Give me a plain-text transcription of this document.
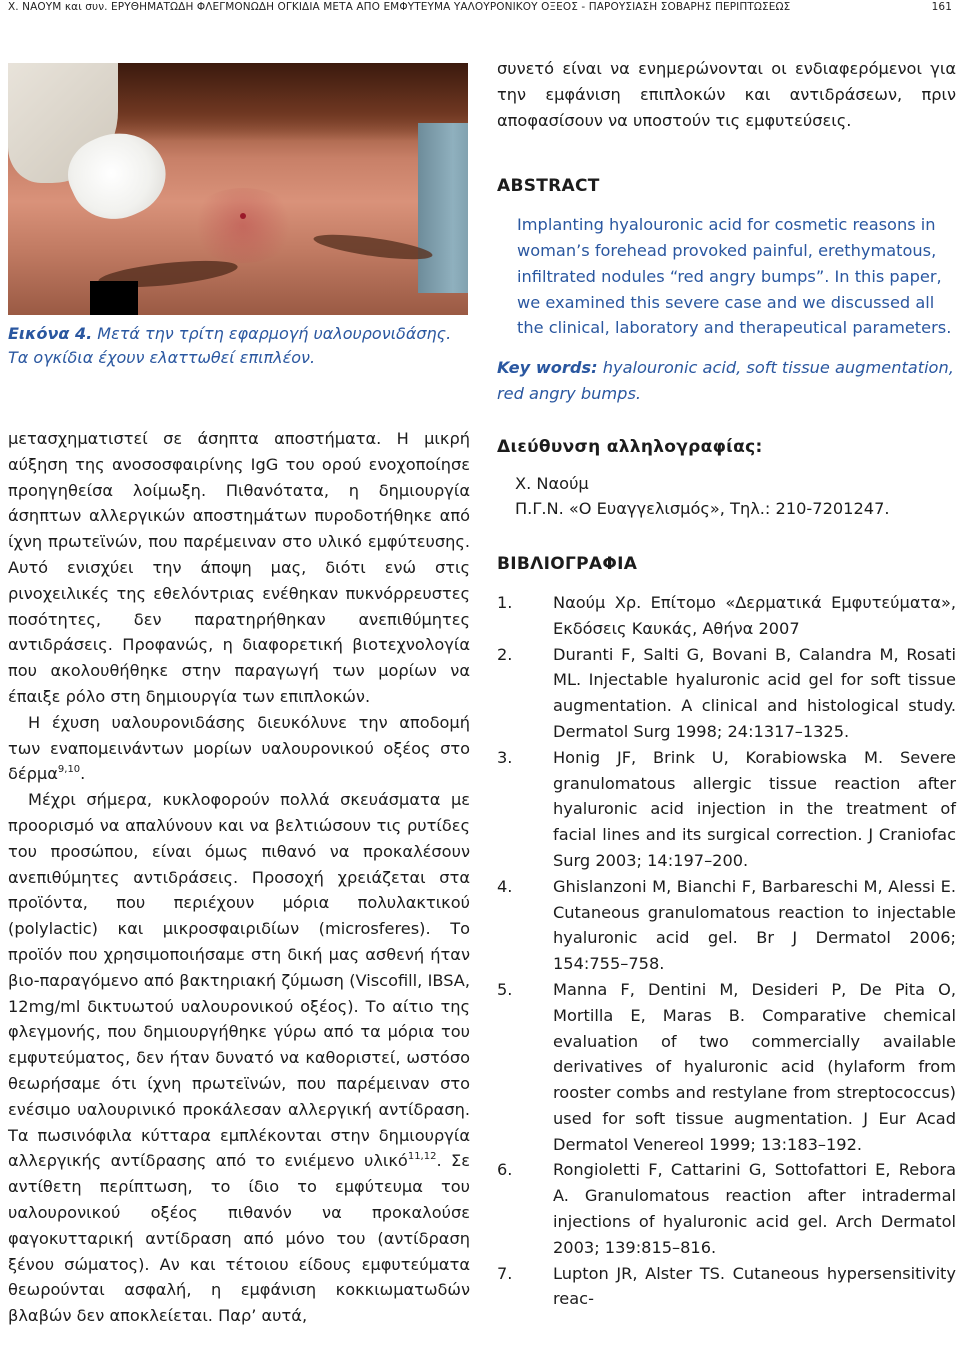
Χ. ΝΑΟΥΜ και συν. ΕΡΥΘΗΜΑΤΩΔΗ ΦΛΕΓΜΟΝΩΔΗ ΟΓΚΙΔΙΑ ΜΕΤΑ ΑΠΟ ΕΜΦΥΤΕΥΜΑ ΥΑΛΟΥΡΟΝΙΚΟΥ ΟΞΕΟΣ - ΠΑΡΟΥΣΙΑΣΗ ΣΟΒΑΡΗΣ ΠΕΡΙΠΤΩΣΕΩΣ	161
Εικόνα 4. Μετά την τρίτη εφαρμογή υαλουρονιδάσης.
Τα ογκίδια έχουν ελαττωθεί επιπλέον.

μετασχηματιστεί σε άσηπτα αποστήματα. Η μικρή αύξηση της ανοσοσφαιρίνης IgG του ορού ενοχοποίησε προηγηθείσα λοίμωξη. Πιθανότατα, η δημιουργία άσηπτων αλλεργικών αποστημάτων πυροδοτήθηκε από ίχνη πρωτεϊνών, που παρέμειναν στο υλικό εμφύτευσης. Αυτό ενισχύει την άποψη μας, διότι ενώ στις ρινοχειλικές της εθελόντριας ενέθηκαν πυκνόρρευστες ποσότητες, δεν παρατηρήθηκαν ανεπιθύμητες αντιδράσεις. Προφανώς, η διαφορετική βιοτεχνολογία που ακολουθήθηκε στην παραγωγή των μορίων να έπαιξε ρόλο στη δημιουργία των επιπλοκών.

Η έχυση υαλουρονιδάσης διευκόλυνε την αποδομή των εναπομεινάντων μορίων υαλουρονικού οξέος στο δέρμα$^{9,10}$.

Μέχρι σήμερα, κυκλοφορούν πολλά σκευάσματα με προορισμό να απαλύνουν και να βελτιώσουν τις ρυτίδες του προσώπου, είναι όμως πιθανό να προκαλέσουν ανεπιθύμητες αντιδράσεις. Προσοχή χρειάζεται στα προϊόντα, που περιέχουν μόρια πολυλακτικού (polylactic) και μικροσφαιριδίων (microsferes). Το προϊόν που χρησιμοποιήσαμε στη δική μας ασθενή ήταν βιο-παραγόμενο από βακτηριακή ζύμωση (Viscofill, IBSA, 12mg/ml δικτυωτού υαλουρονικού οξέος). Το αίτιο της φλεγμονής, που δημιουργήθηκε γύρω από τα μόρια του εμφυτεύματος, δεν ήταν δυνατό να καθοριστεί, ωστόσο θεωρήσαμε ότι ίχνη πρωτεϊνών, που παρέμειναν στο ενέσιμο υαλουρινικό προκάλεσαν αλλεργική αντίδραση. Τα πωσινόφιλα κύτταρα εμπλέκονται στην δημιουργία αλλεργικής αντίδρασης από το ενιέμενο υλικό$^{11,12}$. Σε αντίθετη περίπτωση, το ίδιο το εμφύτευμα του υαλουρονικού οξέος πιθανόν να προκαλούσε φαγοκυτταρική αντίδραση από μόνο του (αντίδραση ξένου σώματος). Αν και τέτοιου είδους εμφυτεύματα θεωρούνται ασφαλή, η εμφάνιση κοκκιωματωδών βλαβών δεν αποκλείεται. Παρ’ αυτά,

συνετό είναι να ενημερώνονται οι ενδιαφερόμενοι για την εμφάνιση επιπλοκών και αντιδράσεων, πριν αποφασίσουν να υποστούν τις εμφυτεύσεις.
ABSTRACT
Implanting hyalouronic acid for cosmetic reasons in woman’s forehead provoked painful, erethymatous, infiltrated nodules “red angry bumps”. In this paper, we examined this severe case and we discussed all the clinical, laboratory and therapeutical parameters.
Key words: hyalouronic acid, soft tissue augmentation, red angry bumps.
Διεύθυνση αλληλογραφίας:
Χ. Ναούμ
Π.Γ.Ν. «Ο Ευαγγελισμός», Τηλ.: 210-7201247.
ΒΙΒΛΙΟΓΡΑΦΙΑ
1.	Ναούμ Χρ. Επίτομο «Δερματικά Εμφυτεύματα», Εκδόσεις Καυκάς, Αθήνα 2007
2.	Duranti F, Salti G, Bovani B, Calandra M, Rosati ML. Injectable hyaluronic acid gel for soft tissue augmentation. A clinical and histological study. Dermatol Surg 1998; 24:1317–1325.
3.	Honig JF, Brink U, Korabiowska M. Severe granulomatous allergic tissue reaction after hyaluronic acid injection in the treatment of facial lines and its surgical correction. J Craniofac Surg 2003; 14:197–200.
4.	Ghislanzoni M, Bianchi F, Barbareschi M, Alessi E. Cutaneous granulomatous reaction to injectable hyaluronic acid gel. Br J Dermatol 2006; 154:755–758.
5.	Manna F, Dentini M, Desideri P, De Pita O, Mortilla E, Maras B. Comparative chemical evaluation of two commercially available derivatives of hyaluronic acid (hylaform from rooster combs and restylane from streptococcus) used for soft tissue augmentation. J Eur Acad Dermatol Venereol 1999; 13:183–192.
6.	Rongioletti F, Cattarini G, Sottofattori E, Rebora A. Granulomatous reaction after intradermal injections of hyaluronic acid gel. Arch Dermatol 2003; 139:815–816.
7.	Lupton JR, Alster TS. Cutaneous hypersensitivity reac-
